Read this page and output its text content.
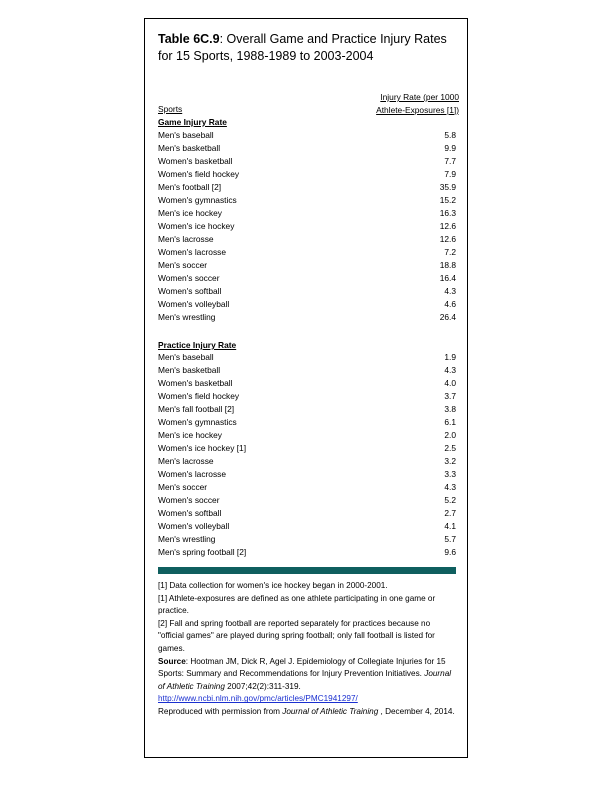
Table 6C.9: Overall Game and Practice Injury Rates for 15 Sports, 1988-1989 to 2003-2004
Injury Rate (per 1000
Athlete-Exposures [1])
Sports
Game Injury Rate
Men's baseball	5.8
Men's basketball	9.9
Women's basketball	7.7
Women's field hockey	7.9
Men's football [2]	35.9
Women's gymnastics	15.2
Men's ice hockey	16.3
Women's ice hockey	12.6
Men's lacrosse	12.6
Women's lacrosse	7.2
Men's soccer	18.8
Women's soccer	16.4
Women's softball	4.3
Women's volleyball	4.6
Men's wrestling	26.4
Practice Injury Rate
Men's baseball	1.9
Men's basketball	4.3
Women's basketball	4.0
Women's field hockey	3.7
Men's fall football [2]	3.8
Women's gymnastics	6.1
Men's ice hockey	2.0
Women's ice hockey [1]	2.5
Men's lacrosse	3.2
Women's lacrosse	3.3
Men's soccer	4.3
Women's soccer	5.2
Women's softball	2.7
Women's volleyball	4.1
Men's wrestling	5.7
Men's spring football [2]	9.6

[1] Data collection for women's ice hockey began in 2000-2001.

[1] Athlete-exposures are defined as one athlete participating in one game or practice.

[2] Fall and spring football are reported separately for practices because no "official games" are played during spring football; only fall football is listed for games.

Source: Hootman JM, Dick R, Agel J. Epidemiology of Collegiate Injuries for 15 Sports: Summary and Recommendations for Injury Prevention Initiatives. Journal of Athletic Training 2007;42(2):311-319.

http://www.ncbi.nlm.nih.gov/pmc/articles/PMC1941297/

Reproduced with permission from Journal of Athletic Training , December 4, 2014.
